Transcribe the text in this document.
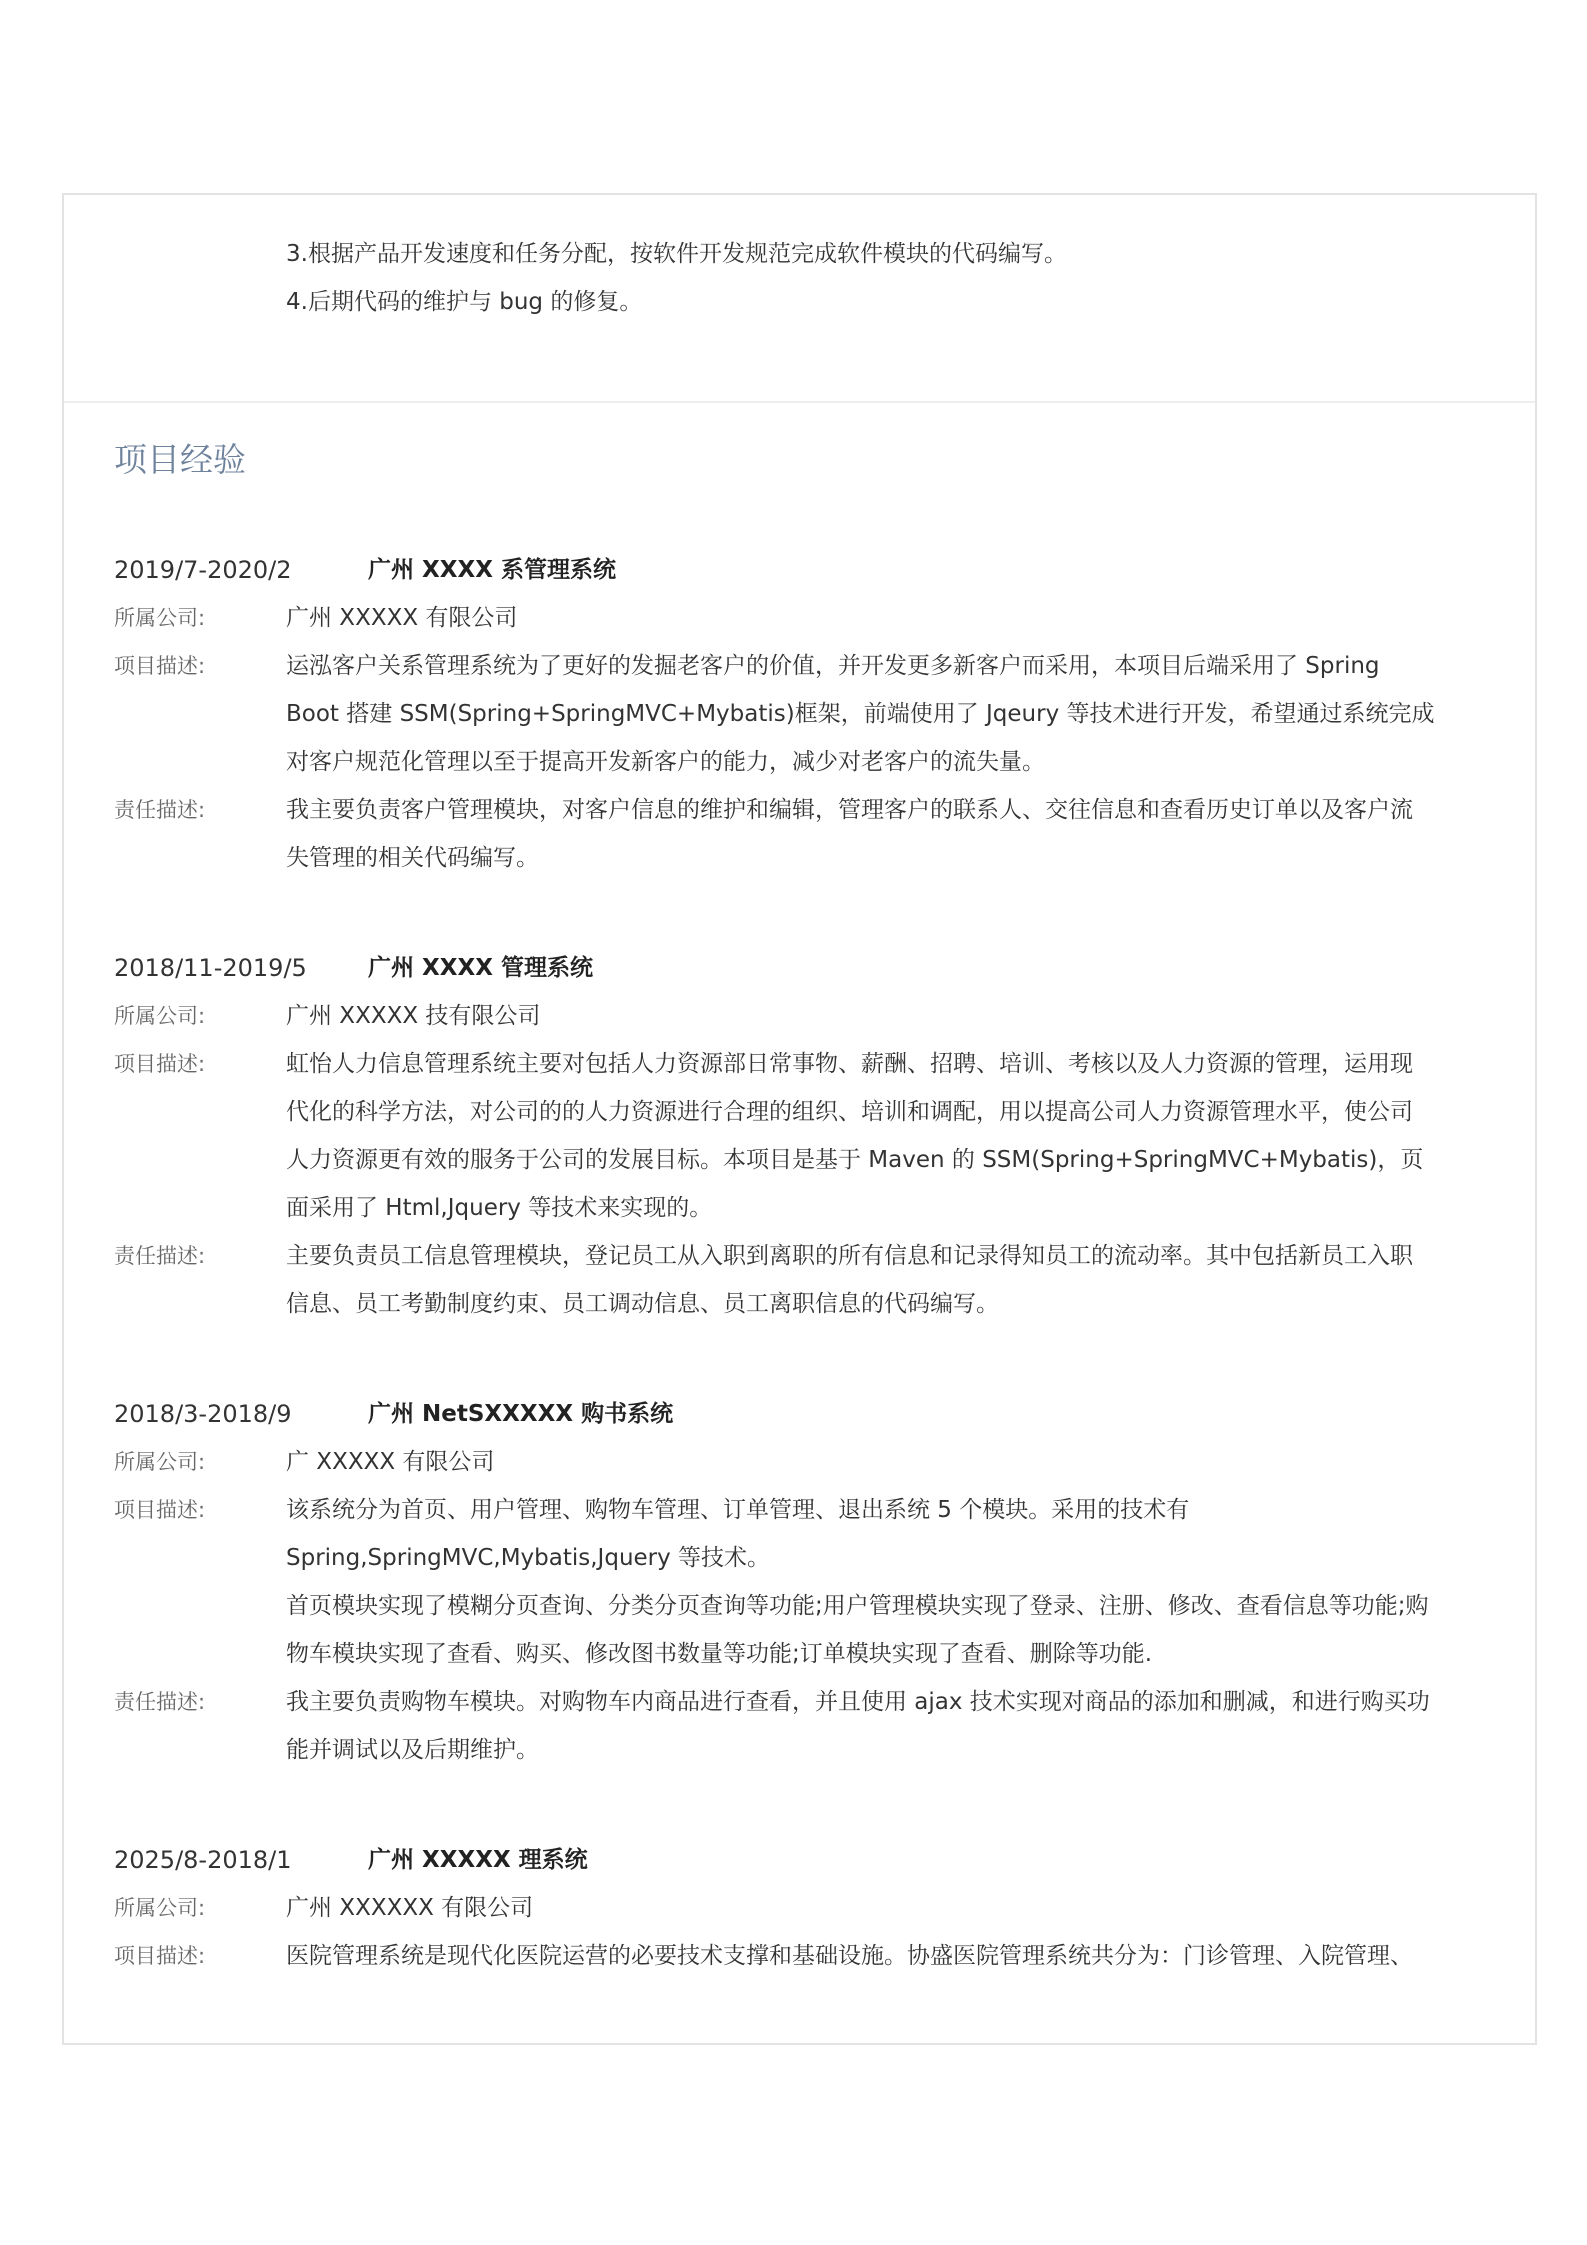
3.根据产品开发速度和任务分配，按软件开发规范完成软件模块的代码编写。
4.后期代码的维护与 bug 的修复。
项目经验
2019/7-2020/2	广州 XXXX 系管理系统
所属公司:	广州 XXXXX 有限公司
项目描述:	运泓客户关系管理系统为了更好的发掘老客户的价值，并开发更多新客户而采用，本项目后端采用了 Spring
Boot 搭建 SSM(Spring+SpringMVC+Mybatis)框架，前端使用了 Jqeury 等技术进行开发，希望通过系统完成
对客户规范化管理以至于提高开发新客户的能力，减少对老客户的流失量。
责任描述:	我主要负责客户管理模块，对客户信息的维护和编辑，管理客户的联系人、交往信息和查看历史订单以及客户流
失管理的相关代码编写。
2018/11-2019/5	广州 XXXX 管理系统
所属公司:	广州 XXXXX 技有限公司
项目描述:	虹怡人力信息管理系统主要对包括人力资源部日常事物、薪酬、招聘、培训、考核以及人力资源的管理，运用现
代化的科学方法，对公司的的人力资源进行合理的组织、培训和调配，用以提高公司人力资源管理水平，使公司
人力资源更有效的服务于公司的发展目标。本项目是基于 Maven 的 SSM(Spring+SpringMVC+Mybatis)，页
面采用了 Html,Jquery 等技术来实现的。
责任描述:	主要负责员工信息管理模块，登记员工从入职到离职的所有信息和记录得知员工的流动率。其中包括新员工入职
信息、员工考勤制度约束、员工调动信息、员工离职信息的代码编写。
2018/3-2018/9	广州 NetSXXXXX 购书系统
所属公司:	广 XXXXX 有限公司
项目描述:	该系统分为首页、用户管理、购物车管理、订单管理、退出系统 5 个模块。采用的技术有
Spring,SpringMVC,Mybatis,Jquery 等技术。
首页模块实现了模糊分页查询、分类分页查询等功能;用户管理模块实现了登录、注册、修改、查看信息等功能;购
物车模块实现了查看、购买、修改图书数量等功能;订单模块实现了查看、删除等功能.
责任描述:	我主要负责购物车模块。对购物车内商品进行查看，并且使用 ajax 技术实现对商品的添加和删减，和进行购买功
能并调试以及后期维护。
2025/8-2018/1	广州 XXXXX 理系统
所属公司:	广州 XXXXXX 有限公司
项目描述:	医院管理系统是现代化医院运营的必要技术支撑和基础设施。协盛医院管理系统共分为：门诊管理、入院管理、
